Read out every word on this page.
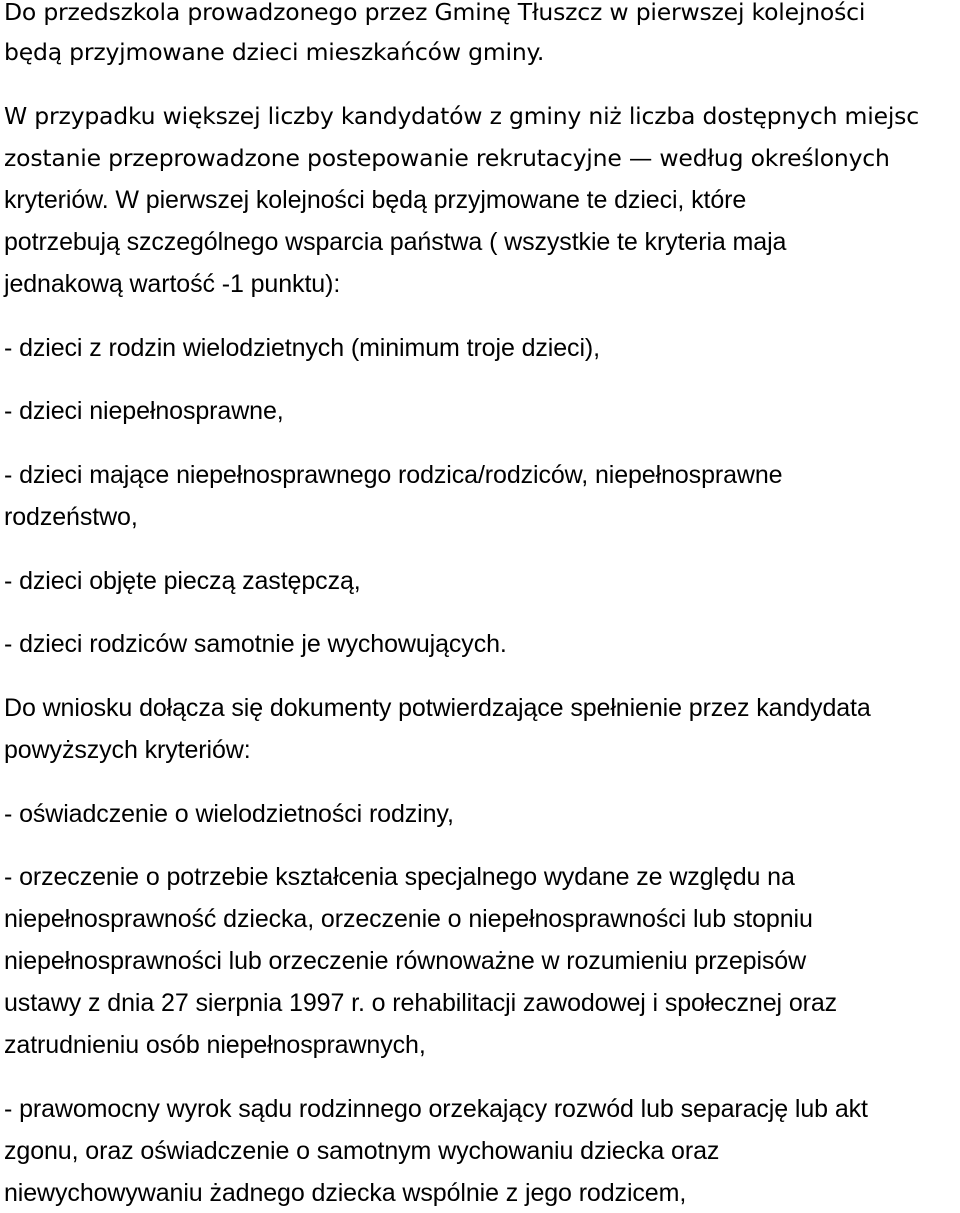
Do przedszkola prowadzonego przez Gminę Tłuszcz w pierwszej kolejności
będą przyjmowane dzieci mieszkańców gminy.
W przypadku większej liczby kandydatów z gminy niż liczba dostępnych miejsc
zostanie przeprowadzone postepowanie rekrutacyjne — według określonych
kryteriów. W pierwszej kolejności będą przyjmowane te dzieci, które
potrzebują szczególnego wsparcia państwa ( wszystkie te kryteria maja
jednakową wartość -1 punktu):
- dzieci z rodzin wielodzietnych (minimum troje dzieci),
- dzieci niepełnosprawne,
- dzieci mające niepełnosprawnego rodzica/rodziców, niepełnosprawne
rodzeństwo,
- dzieci objęte pieczą zastępczą,
- dzieci rodziców samotnie je wychowujących.
Do wniosku dołącza się dokumenty potwierdzające spełnienie przez kandydata
powyższych kryteriów:
- oświadczenie o wielodzietności rodziny,
- orzeczenie o potrzebie kształcenia specjalnego wydane ze względu na
niepełnosprawność dziecka, orzeczenie o niepełnosprawności lub stopniu
niepełnosprawności lub orzeczenie równoważne w rozumieniu przepisów
ustawy z dnia 27 sierpnia 1997 r. o rehabilitacji zawodowej i społecznej oraz
zatrudnieniu osób niepełnosprawnych,
- prawomocny wyrok sądu rodzinnego orzekający rozwód lub separację lub akt
zgonu, oraz oświadczenie o samotnym wychowaniu dziecka oraz
niewychowywaniu żadnego dziecka wspólnie z jego rodzicem,
